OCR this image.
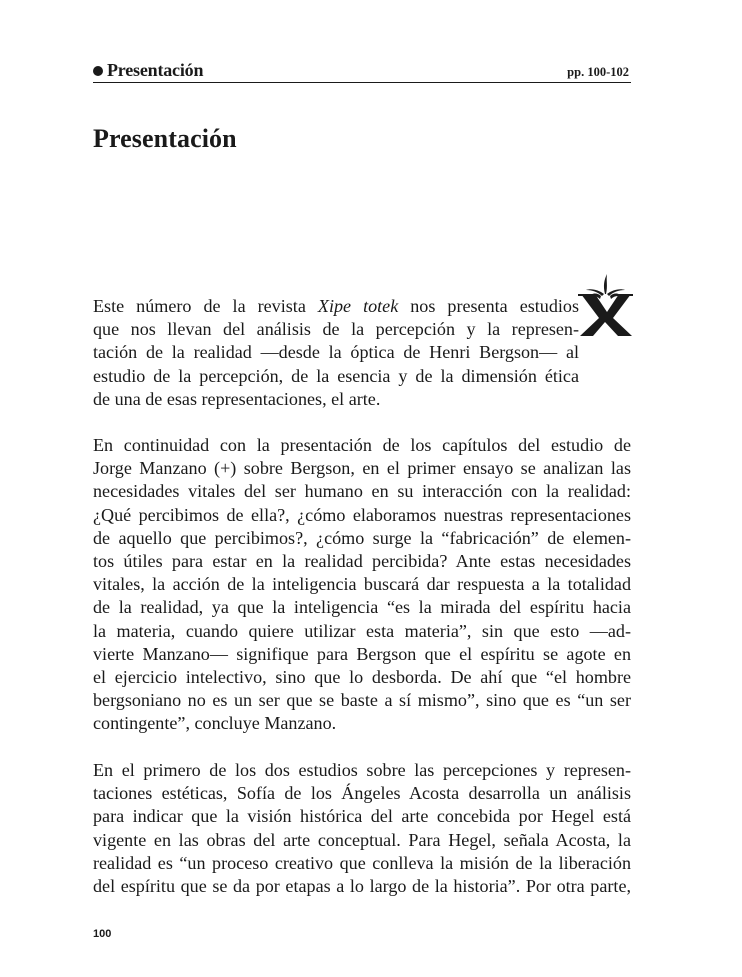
Presentación	pp. 100-102
Presentación

Este número de la revista Xipe totek nos presenta estudios
que nos llevan del análisis de la percepción y la represen-
tación de la realidad —desde la óptica de Henri Bergson— al
estudio de la percepción, de la esencia y de la dimensión ética
de una de esas representaciones, el arte.

En continuidad con la presentación de los capítulos del estudio de
Jorge Manzano (+) sobre Bergson, en el primer ensayo se analizan las
necesidades vitales del ser humano en su interacción con la realidad:
¿Qué percibimos de ella?, ¿cómo elaboramos nuestras representaciones
de aquello que percibimos?, ¿cómo surge la “fabricación” de elemen-
tos útiles para estar en la realidad percibida? Ante estas necesidades
vitales, la acción de la inteligencia buscará dar respuesta a la totalidad
de la realidad, ya que la inteligencia “es la mirada del espíritu hacia
la materia, cuando quiere utilizar esta materia”, sin que esto —ad-
vierte Manzano— signifique para Bergson que el espíritu se agote en
el ejercicio intelectivo, sino que lo desborda. De ahí que “el hombre
bergsoniano no es un ser que se baste a sí mismo”, sino que es “un ser
contingente”, concluye Manzano.

En el primero de los dos estudios sobre las percepciones y represen-
taciones estéticas, Sofía de los Ángeles Acosta desarrolla un análisis
para indicar que la visión histórica del arte concebida por Hegel está
vigente en las obras del arte conceptual. Para Hegel, señala Acosta, la
realidad es “un proceso creativo que conlleva la misión de la liberación
del espíritu que se da por etapas a lo largo de la historia”. Por otra parte,

100
